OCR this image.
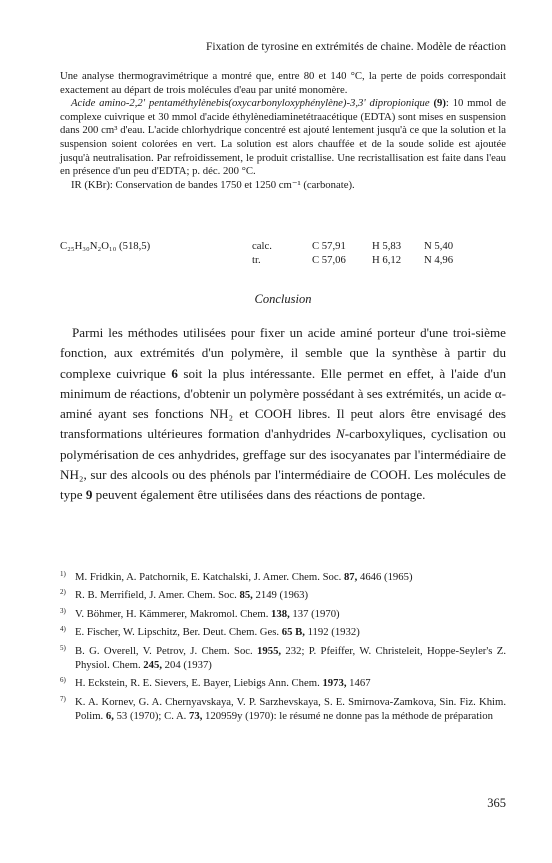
Fixation de tyrosine en extrémités de chaine. Modèle de réaction

Une analyse thermogravimétrique a montré que, entre 80 et 140 °C, la perte de poids correspondait exactement au départ de trois molécules d'eau par unité monomère.

Acide amino-2,2' pentaméthylènebis(oxycarbonyloxyphénylène)-3,3' dipropionique (9): 10 mmol de complexe cuivrique et 30 mmol d'acide éthylènediaminetétraacétique (EDTA) sont mises en suspension dans 200 cm³ d'eau. L'acide chlorhydrique concentré est ajouté lentement jusqu'à ce que la solution et la suspension soient colorées en vert. La solution est alors chauffée et de la soude solide est ajoutée jusqu'à neutralisation. Par refroidissement, le produit cristallise. Une recristallisation est faite dans l'eau en présence d'un peu d'EDTA; p. déc. 200 °C.

IR (KBr): Conservation de bandes 1750 et 1250 cm⁻¹ (carbonate).

C₂₅H₃₀N₂O₁₀ (518,5)	calc.	C 57,91 H 5,83 N 5,40
tr.	C 57,06 H 6,12 N 4,96
Conclusion

Parmi les méthodes utilisées pour fixer un acide aminé porteur d'une troi-sième fonction, aux extrémités d'un polymère, il semble que la synthèse à partir du complexe cuivrique 6 soit la plus intéressante. Elle permet en effet, à l'aide d'un minimum de réactions, d'obtenir un polymère possédant à ses extrémités, un acide α-aminé ayant ses fonctions NH₂ et COOH libres. Il peut alors être envisagé des transformations ultérieures formation d'anhydrides N-carboxyliques, cyclisation ou polymérisation de ces anhydrides, greffage sur des isocyanates par l'intermédiaire de NH₂, sur des alcools ou des phénols par l'intermédiaire de COOH. Les molécules de type 9 peuvent également être utilisées dans des réactions de pontage.

1) M. Fridkin, A. Patchornik, E. Katchalski, J. Amer. Chem. Soc. 87, 4646 (1965)
2) R. B. Merrifield, J. Amer. Chem. Soc. 85, 2149 (1963)
3) V. Böhmer, H. Kämmerer, Makromol. Chem. 138, 137 (1970)
4) E. Fischer, W. Lipschitz, Ber. Deut. Chem. Ges. 65 B, 1192 (1932)
5) B. G. Overell, V. Petrov, J. Chem. Soc. 1955, 232; P. Pfeiffer, W. Christeleit, Hoppe-Seyler's Z. Physiol. Chem. 245, 204 (1937)
6) H. Eckstein, R. E. Sievers, E. Bayer, Liebigs Ann. Chem. 1973, 1467
7) K. A. Kornev, G. A. Chernyavskaya, V. P. Sarzhevskaya, S. E. Smirnova-Zamkova, Sin. Fiz. Khim. Polim. 6, 53 (1970); C. A. 73, 120959y (1970): le résumé ne donne pas la méthode de préparation
365
